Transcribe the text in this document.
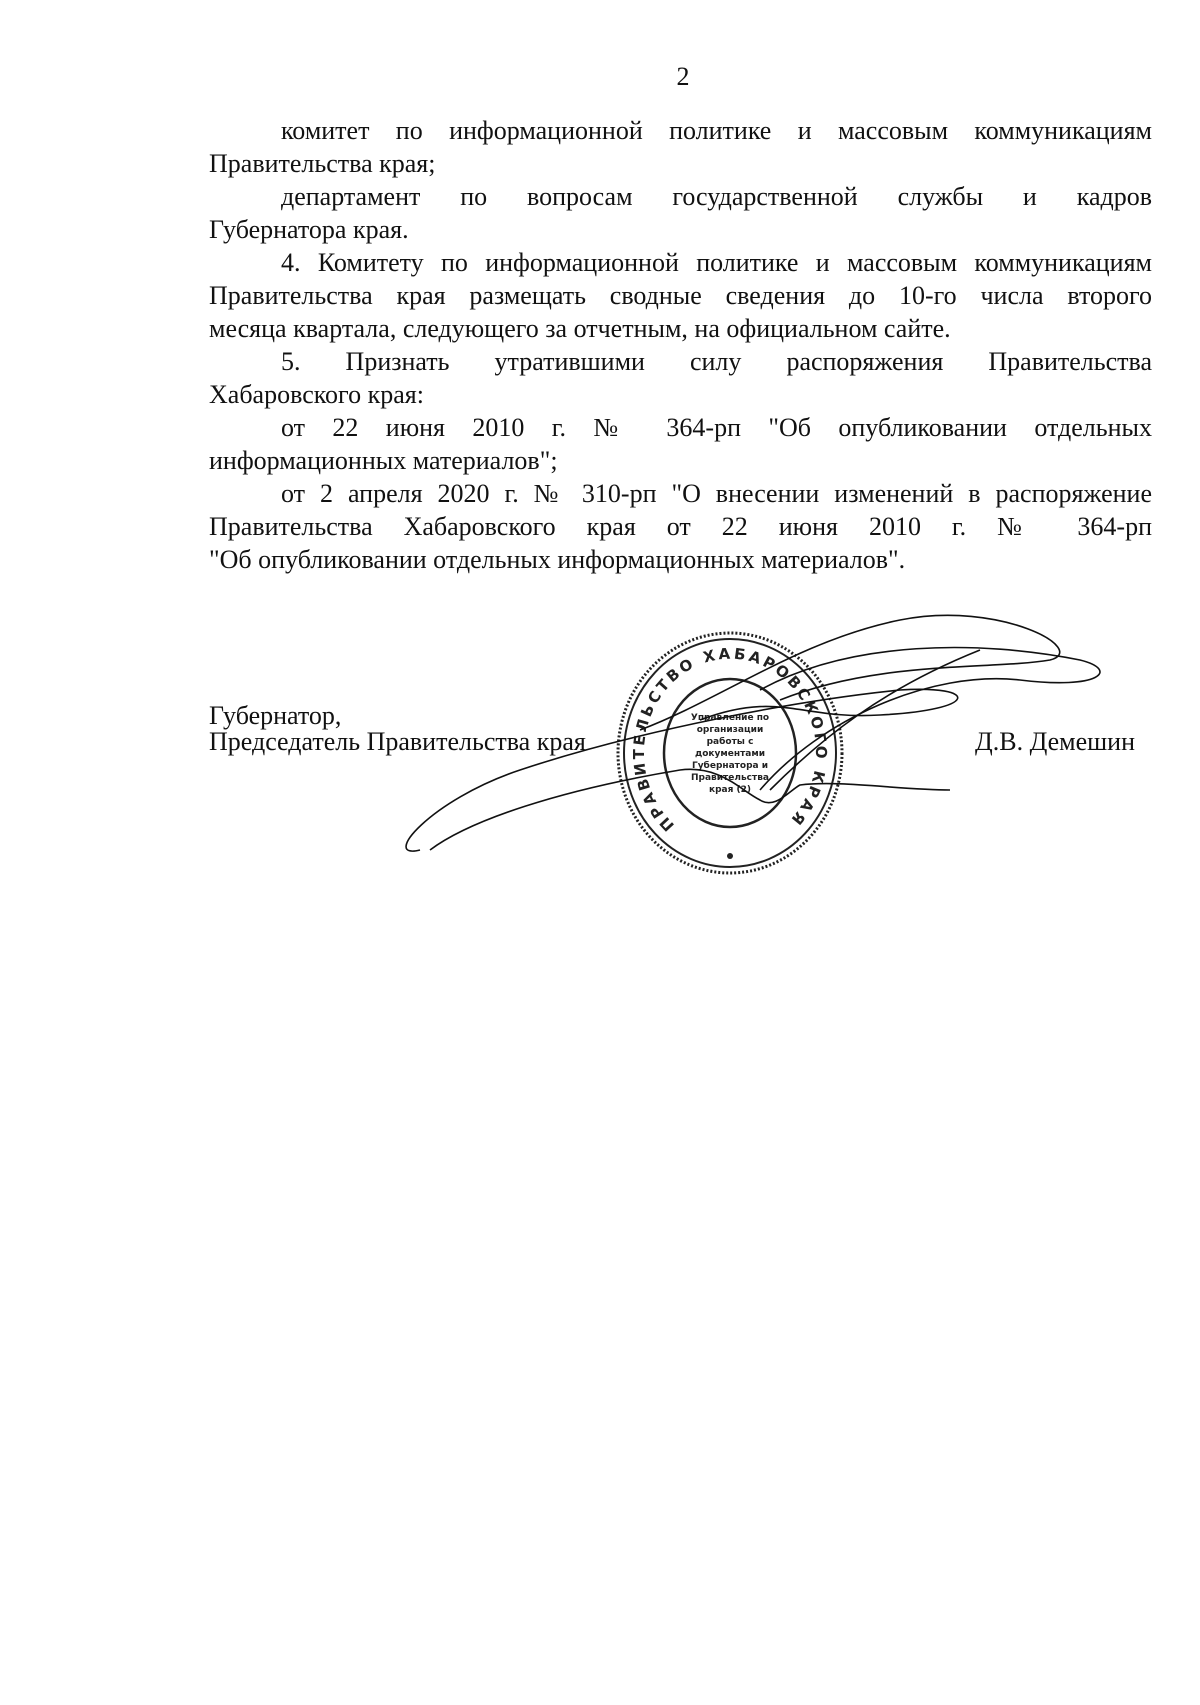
2
комитет по информационной политике и массовым коммуникациям
Правительства края;
департамент по вопросам государственной службы и кадров
Губернатора края.
4. Комитету по информационной политике и массовым коммуникациям
Правительства края размещать сводные сведения до 10-го числа второго
месяца квартала, следующего за отчетным, на официальном сайте.
5. Признать утратившими силу распоряжения Правительства
Хабаровского края:
от 22 июня 2010 г. № 364-рп "Об опубликовании отдельных
информационных материалов";
от 2 апреля 2020 г. № 310-рп "О внесении изменений в распоряжение
Правительства Хабаровского края от 22 июня 2010 г. № 364-рп
"Об опубликовании отдельных информационных материалов".
Губернатор,
Председатель Правительства края	Д.В. Демешин
ПРАВИТЕЛЬСТВО ХАБАРОВСКОГО КРАЯ
Управление по
организации
работы с
документами
Губернатора и
Правительства
края (2)
